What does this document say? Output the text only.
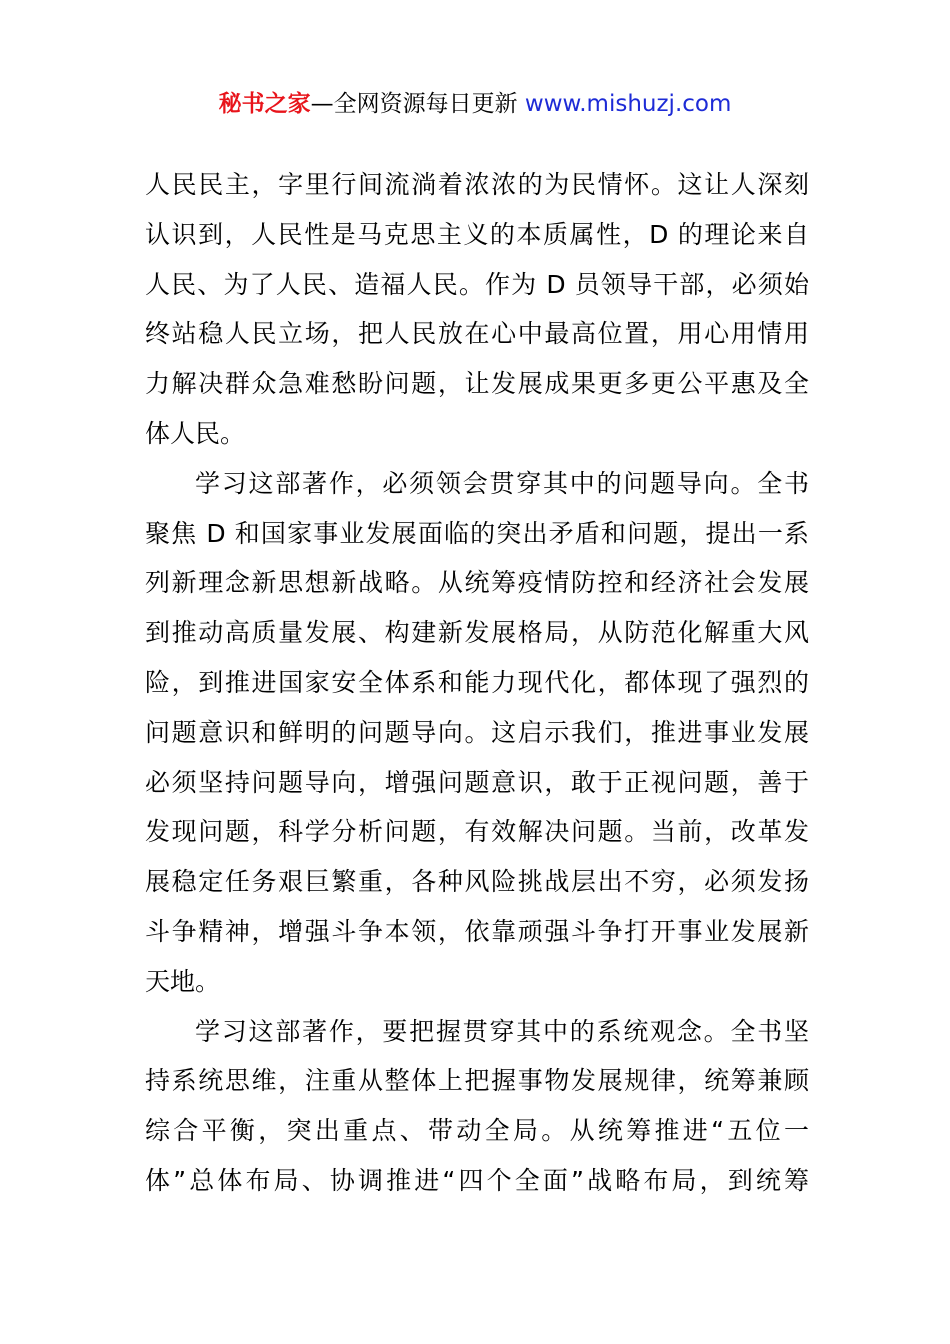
秘书之家—全网资源每日更新 www.mishuzj.com
人民民主，字里行间流淌着浓浓的为民情怀。这让人深刻
认识到，人民性是马克思主义的本质属性，D 的理论来自
人民、为了人民、造福人民。作为 D 员领导干部，必须始
终站稳人民立场，把人民放在心中最高位置，用心用情用
力解决群众急难愁盼问题，让发展成果更多更公平惠及全
体人民。
学习这部著作，必须领会贯穿其中的问题导向。全书
聚焦 D 和国家事业发展面临的突出矛盾和问题，提出一系
列新理念新思想新战略。从统筹疫情防控和经济社会发展
到推动高质量发展、构建新发展格局，从防范化解重大风
险，到推进国家安全体系和能力现代化，都体现了强烈的
问题意识和鲜明的问题导向。这启示我们，推进事业发展
必须坚持问题导向，增强问题意识，敢于正视问题，善于
发现问题，科学分析问题，有效解决问题。当前，改革发
展稳定任务艰巨繁重，各种风险挑战层出不穷，必须发扬
斗争精神，增强斗争本领，依靠顽强斗争打开事业发展新
天地。
学习这部著作，要把握贯穿其中的系统观念。全书坚
持系统思维，注重从整体上把握事物发展规律，统筹兼顾
综合平衡，突出重点、带动全局。从统筹推进“五位一
体”总体布局、协调推进“四个全面”战略布局，到统筹
